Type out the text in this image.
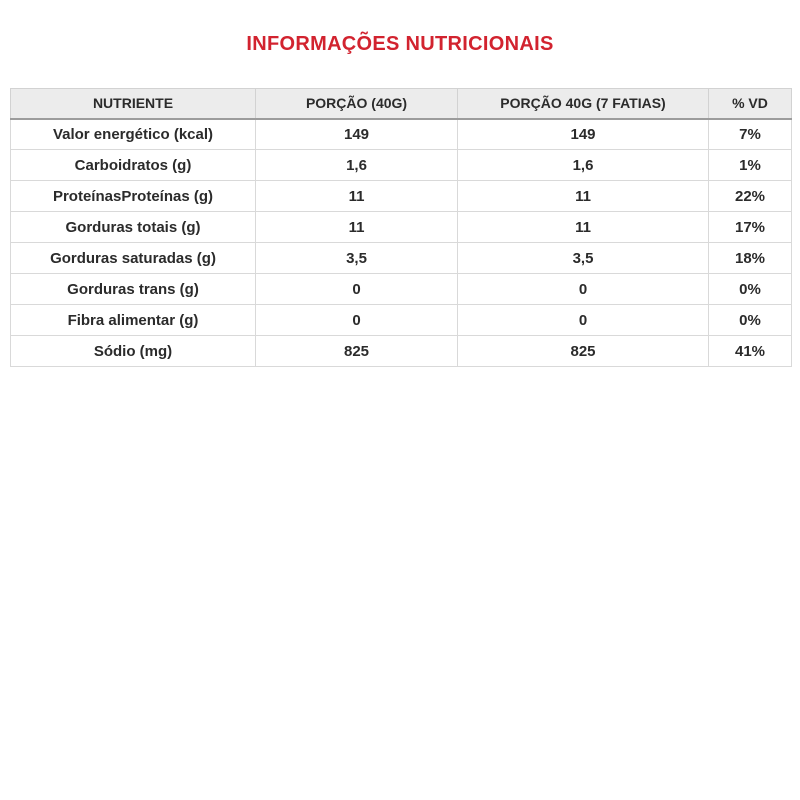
INFORMAÇÕES NUTRICIONAIS
NUTRIENTE	PORÇÃO (40G)	PORÇÃO 40G (7 FATIAS)	% VD
Valor energético (kcal)	149	149	7%
Carboidratos (g)	1,6	1,6	1%
ProteínasProteínas (g)	11	11	22%
Gorduras totais (g)	11	11	17%
Gorduras saturadas (g)	3,5	3,5	18%
Gorduras trans (g)	0	0	0%
Fibra alimentar (g)	0	0	0%
Sódio (mg)	825	825	41%
